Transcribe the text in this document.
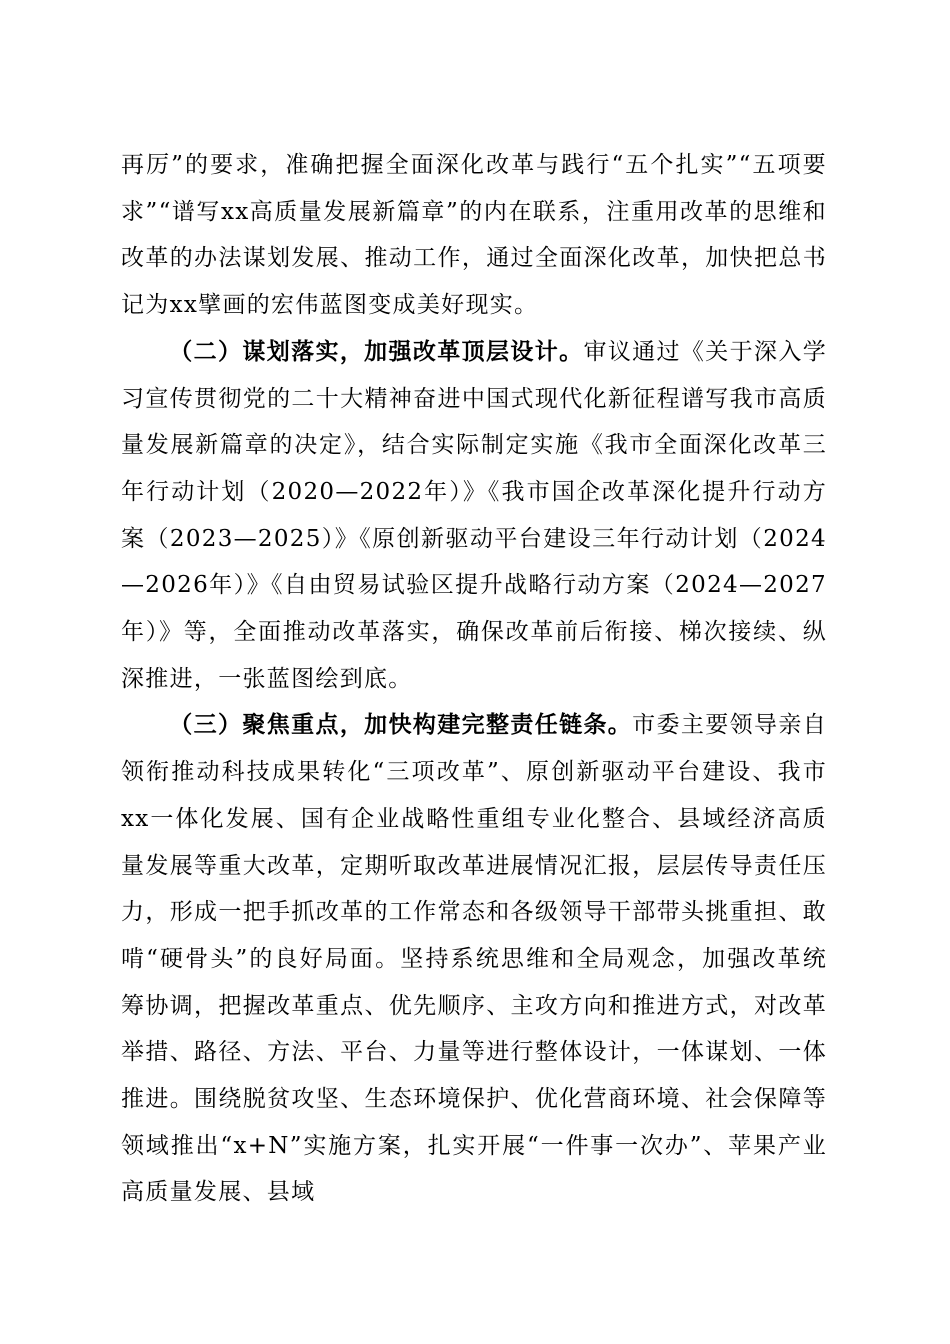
再厉”的要求，准确把握全面深化改革与践行“五个扎实”“五项要求”“谱写xx高质量发展新篇章”的内在联系，注重用改革的思维和改革的办法谋划发展、推动工作，通过全面深化改革，加快把总书记为xx擘画的宏伟蓝图变成美好现实。

（二）谋划落实，加强改革顶层设计。审议通过《关于深入学习宣传贯彻党的二十大精神奋进中国式现代化新征程谱写我市高质量发展新篇章的决定》，结合实际制定实施《我市全面深化改革三年行动计划（2020—2022年）》《我市国企改革深化提升行动方案（2023—2025）》《原创新驱动平台建设三年行动计划（2024—2026年）》《自由贸易试验区提升战略行动方案（2024—2027年）》等，全面推动改革落实，确保改革前后衔接、梯次接续、纵深推进，一张蓝图绘到底。

（三）聚焦重点，加快构建完整责任链条。市委主要领导亲自领衔推动科技成果转化“三项改革”、原创新驱动平台建设、我市xx一体化发展、国有企业战略性重组专业化整合、县域经济高质量发展等重大改革，定期听取改革进展情况汇报，层层传导责任压力，形成一把手抓改革的工作常态和各级领导干部带头挑重担、敢啃“硬骨头”的良好局面。坚持系统思维和全局观念，加强改革统筹协调，把握改革重点、优先顺序、主攻方向和推进方式，对改革举措、路径、方法、平台、力量等进行整体设计，一体谋划、一体推进。围绕脱贫攻坚、生态环境保护、优化营商环境、社会保障等领域推出“x+N”实施方案，扎实开展“一件事一次办”、苹果产业高质量发展、县域
